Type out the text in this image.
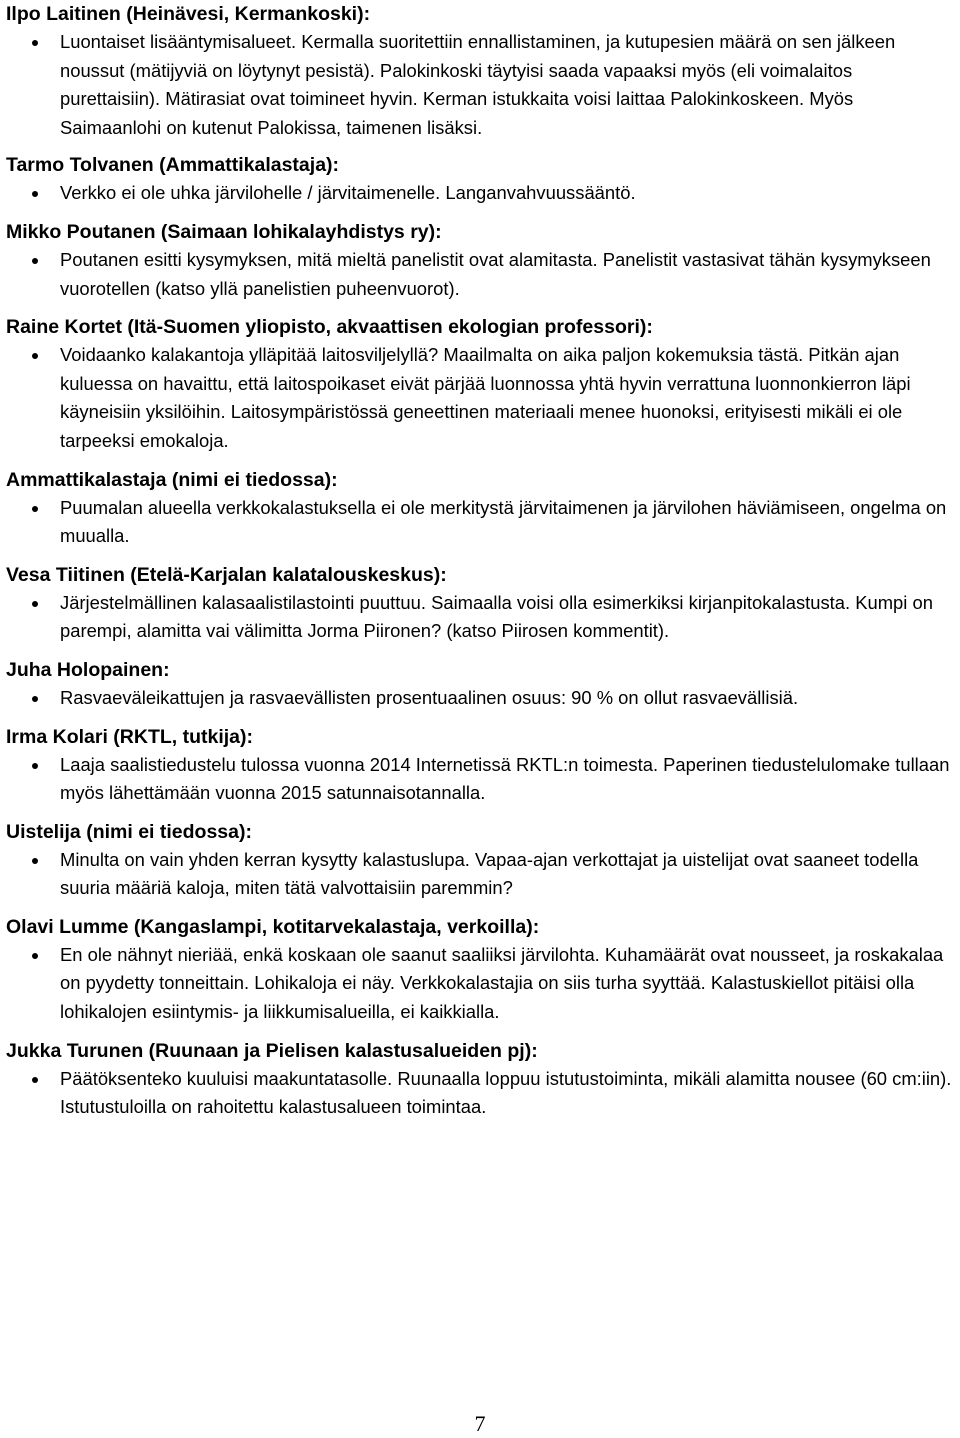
Ilpo Laitinen (Heinävesi, Kermankoski):

Luontaiset lisääntymisalueet. Kermalla suoritettiin ennallistaminen, ja kutupesien määrä on sen jälkeen noussut (mätijyviä on löytynyt pesistä). Palokinkoski täytyisi saada vapaaksi myös (eli voimalaitos purettaisiin). Mätirasiat ovat toimineet hyvin. Kerman istukkaita voisi laittaa Palokinkoskeen. Myös Saimaanlohi on kutenut Palokissa, taimenen lisäksi.

Tarmo Tolvanen (Ammattikalastaja):

Verkko ei ole uhka järvilohelle / järvitaimenelle. Langanvahvuussääntö.

Mikko Poutanen (Saimaan lohikalayhdistys ry):

Poutanen esitti kysymyksen, mitä mieltä panelistit ovat alamitasta. Panelistit vastasivat tähän kysymykseen vuorotellen (katso yllä panelistien puheenvuorot).

Raine Kortet (Itä-Suomen yliopisto, akvaattisen ekologian professori):

Voidaanko kalakantoja ylläpitää laitosviljelyllä? Maailmalta on aika paljon kokemuksia tästä. Pitkän ajan kuluessa on havaittu, että laitospoikaset eivät pärjää luonnossa yhtä hyvin verrattuna luonnonkierron läpi käyneisiin yksilöihin. Laitosympäristössä geneettinen materiaali menee huonoksi, erityisesti mikäli ei ole tarpeeksi emokaloja.

Ammattikalastaja (nimi ei tiedossa):

Puumalan alueella verkkokalastuksella ei ole merkitystä järvitaimenen ja järvilohen häviämiseen, ongelma on muualla.

Vesa Tiitinen (Etelä-Karjalan kalatalouskeskus):

Järjestelmällinen kalasaalistilastointi puuttuu. Saimaalla voisi olla esimerkiksi kirjanpitokalastusta. Kumpi on parempi, alamitta vai välimitta Jorma Piironen? (katso Piirosen kommentit).

Juha Holopainen:

Rasvaeväleikattujen ja rasvaevällisten prosentuaalinen osuus: 90 % on ollut rasvaevällisiä.

Irma Kolari (RKTL, tutkija):

Laaja saalistiedustelu tulossa vuonna 2014 Internetissä RKTL:n toimesta. Paperinen tiedustelulomake tullaan myös lähettämään vuonna 2015 satunnaisotannalla.

Uistelija (nimi ei tiedossa):

Minulta on vain yhden kerran kysytty kalastuslupa. Vapaa-ajan verkottajat ja uistelijat ovat saaneet todella suuria määriä kaloja, miten tätä valvottaisiin paremmin?

Olavi Lumme (Kangaslampi, kotitarvekalastaja, verkoilla):

En ole nähnyt nieriää, enkä koskaan ole saanut saaliiksi järvilohta. Kuhamäärät ovat nousseet, ja roskakalaa on pyydetty tonneittain. Lohikaloja ei näy. Verkkokalastajia on siis turha syyttää. Kalastuskiellot pitäisi olla lohikalojen esiintymis- ja liikkumisalueilla, ei kaikkialla.

Jukka Turunen (Ruunaan ja Pielisen kalastusalueiden pj):

Päätöksenteko kuuluisi maakuntatasolle. Ruunaalla loppuu istutustoiminta, mikäli alamitta nousee (60 cm:iin). Istutustuloilla on rahoitettu kalastusalueen toimintaa.
7
